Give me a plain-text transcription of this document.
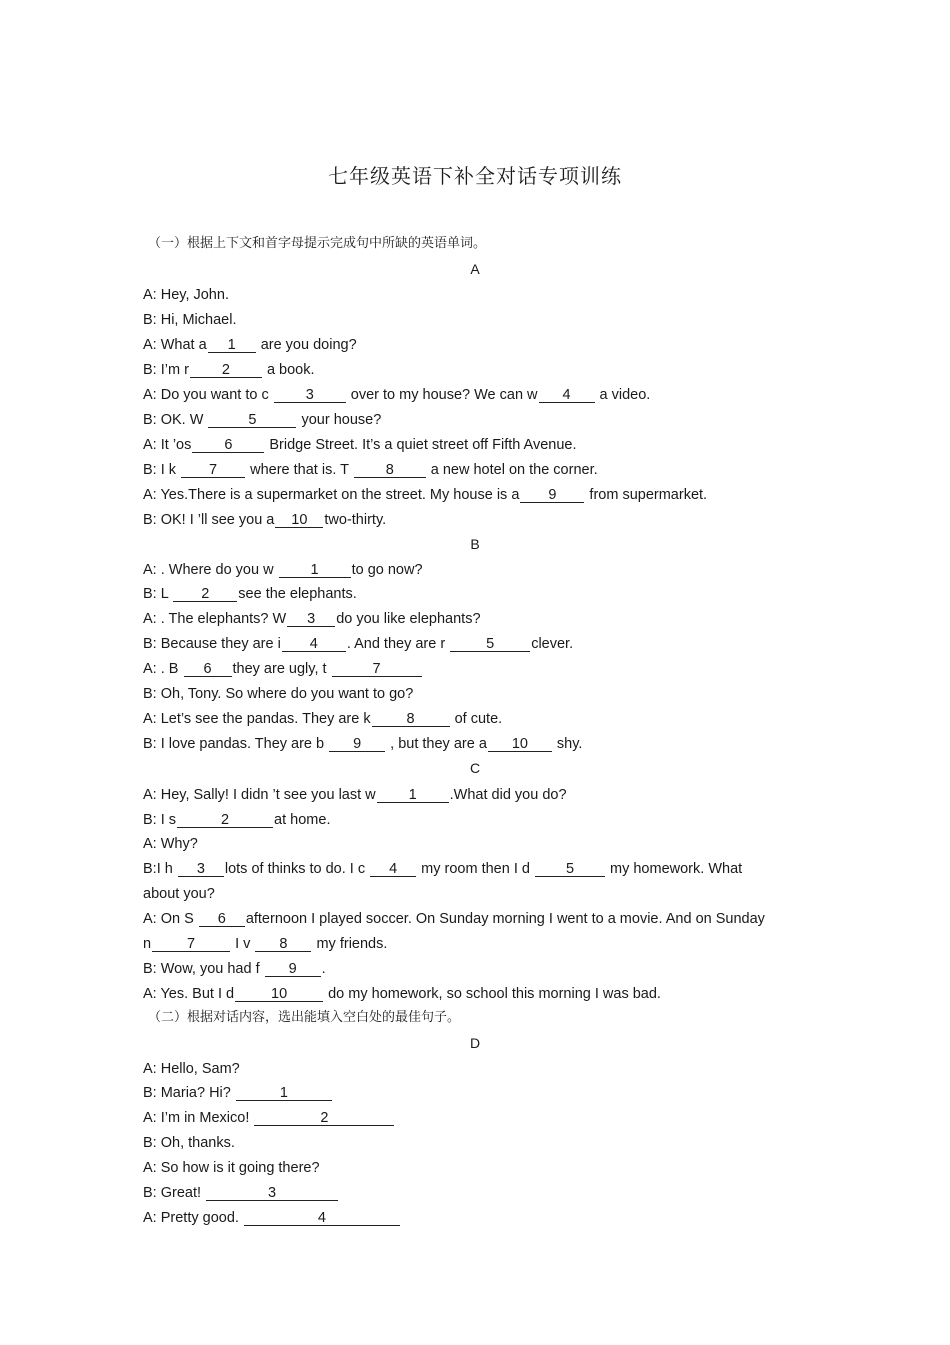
七年级英语下补全对话专项训练
（一）根据上下文和首字母提示完成句中所缺的英语单词。
A
A: Hey, John.
B: Hi, Michael.
A: What a 1 are you doing?
B: I’m r 2 a book.
A: Do you want to c 3 over to my house? We can w 4 a video.
B: OK. W	5	your house?
A: It ’os 6 Bridge Street. It’s a quiet street off Fifth Avenue.
B: I k 7 where that is. T 8 a new hotel on the corner.
A: Yes.There is a supermarket on the street. My house is a 9 from supermarket.
B: OK! I ’ll see you a 10 two-thirty.
B
A: . Where do you w 1 to go now?
B: L 2 see the elephants.
A: . The elephants? W 3 do you like elephants?
B: Because they are i 4 . And they are r	5	clever.
A: . B 6 they are ugly, t	7
B: Oh, Tony. So where do you want to go?
A: Let’s see the pandas. They are k 8 of cute.
B: I love pandas. They are b 9 , but they are a 10 shy.
C
A: Hey, Sally! I didn ’t see you last w 1 .What did you do?
B: I s	2	at home.
A: Why?
B:I h 3 lots of thinks to do. I c 4 my room then I d 5 my homework. What
about you?
A: On S 6 afternoon I played soccer. On Sunday morning I went to a movie. And on Sunday
n 7 I v 8 my friends.
B: Wow, you had f 9 .
A: Yes. But I d	10	do my homework, so school this morning I was bad.
（二）根据对话内容，选出能填入空白处的最佳句子。
D
A: Hello, Sam?
B: Maria? Hi?	1
A: I’m in Mexico!	2
B: Oh, thanks.
A: So how is it going there?
B: Great!	3
A: Pretty good.	4
